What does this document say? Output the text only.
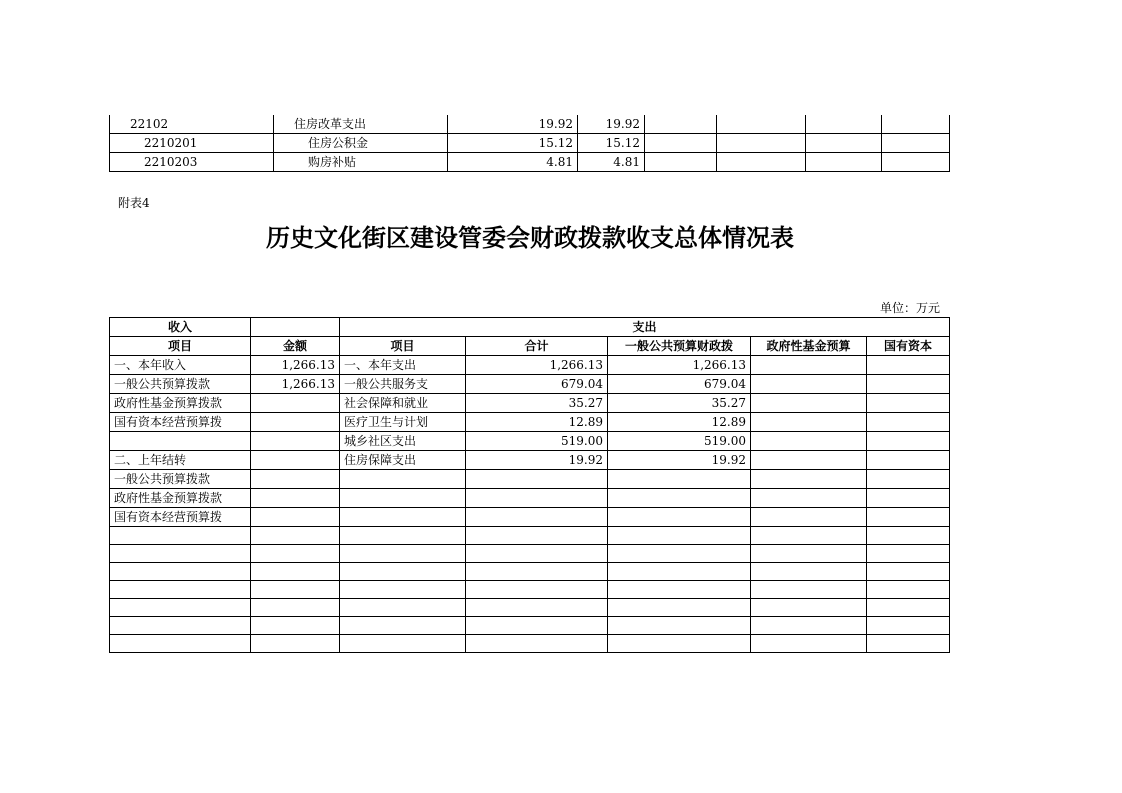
22102	住房改革支出	19.92	19.92				
2210201	住房公积金	15.12	15.12				
2210203	购房补贴	4.81	4.81				
附表4
历史文化街区建设管委会财政拨款收支总体情况表
单位：万元
收入		支出				
项目	金额	项目	合计	一般公共预算财政拨	政府性基金预算	国有资本
一、本年收入	1,266.13	一、本年支出	1,266.13	1,266.13		
一般公共预算拨款	1,266.13	一般公共服务支	679.04	679.04		
政府性基金预算拨款		社会保障和就业	35.27	35.27		
国有资本经营预算拨		医疗卫生与计划	12.89	12.89		
		城乡社区支出	519.00	519.00		
二、上年结转		住房保障支出	19.92	19.92		
一般公共预算拨款						
政府性基金预算拨款						
国有资本经营预算拨						
